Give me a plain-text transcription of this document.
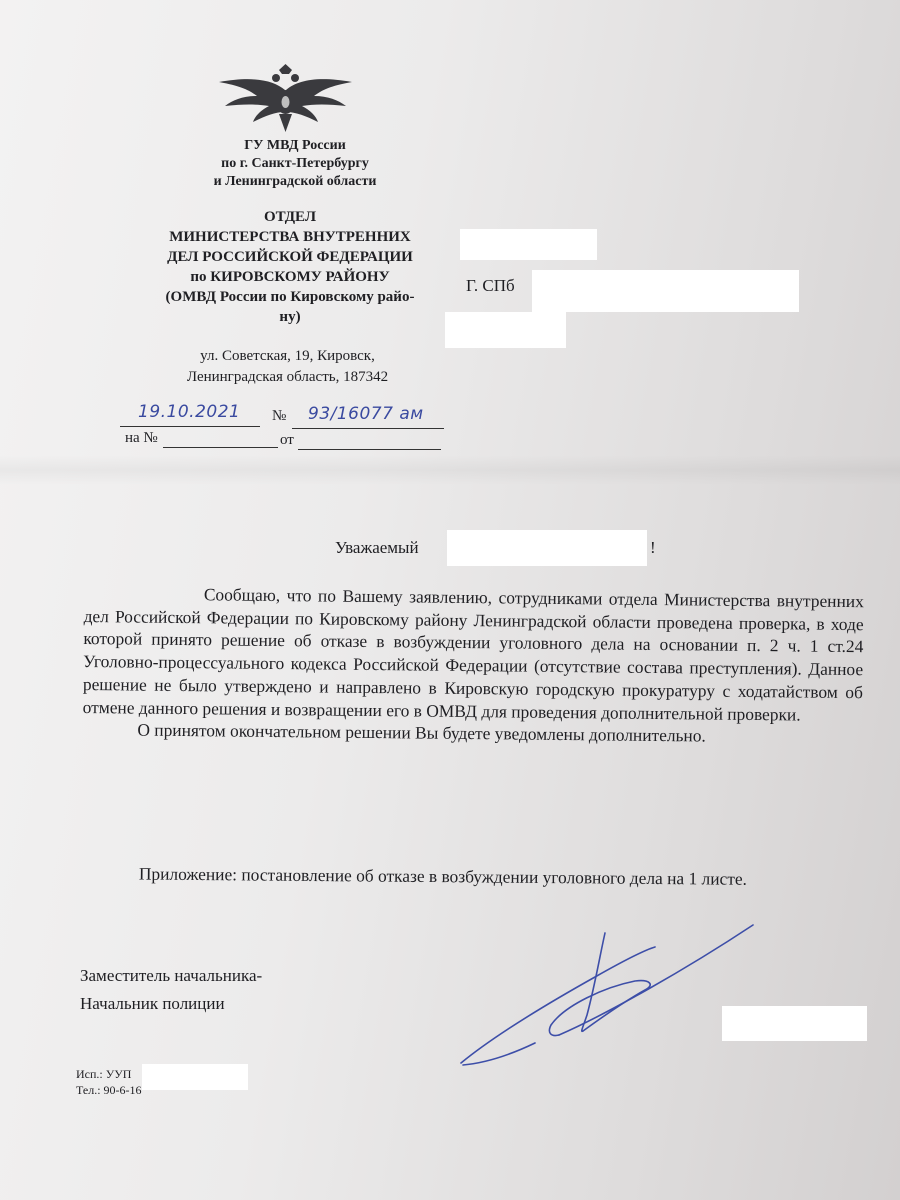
ГУ МВД России
по г. Санкт-Петербургу
и Ленинградской области
ОТДЕЛ
МИНИСТЕРСТВА ВНУТРЕННИХ
ДЕЛ РОССИЙСКОЙ ФЕДЕРАЦИИ
по КИРОВСКОМУ РАЙОНУ
(ОМВД России по Кировскому райо-
ну)
ул. Советская, 19, Кировск,
Ленинградская область, 187342
Г. СПб
19.10.2021 № 93/16077 ам
на №	от
Уважаемый	!

Сообщаю, что по Вашему заявлению, сотрудниками отдела Министерства внутренних дел Российской Федерации по Кировскому району Ленинградской области проведена проверка, в ходе которой принято решение об отказе в возбуждении уголовного дела на основании п. 2 ч. 1 ст.24 Уголовно-процессуального кодекса Российской Федерации (отсутствие состава преступления). Данное решение не было утверждено и направлено в Кировскую городскую прокуратуру с ходатайством об отмене данного решения и возвращении его в ОМВД для проведения дополнительной проверки.

О принятом окончательном решении Вы будете уведомлены дополнительно.

Приложение: постановление об отказе в возбуждении уголовного дела на 1 листе.
Заместитель начальника-
Начальник полиции
Исп.: УУП
Тел.: 90-6-16
